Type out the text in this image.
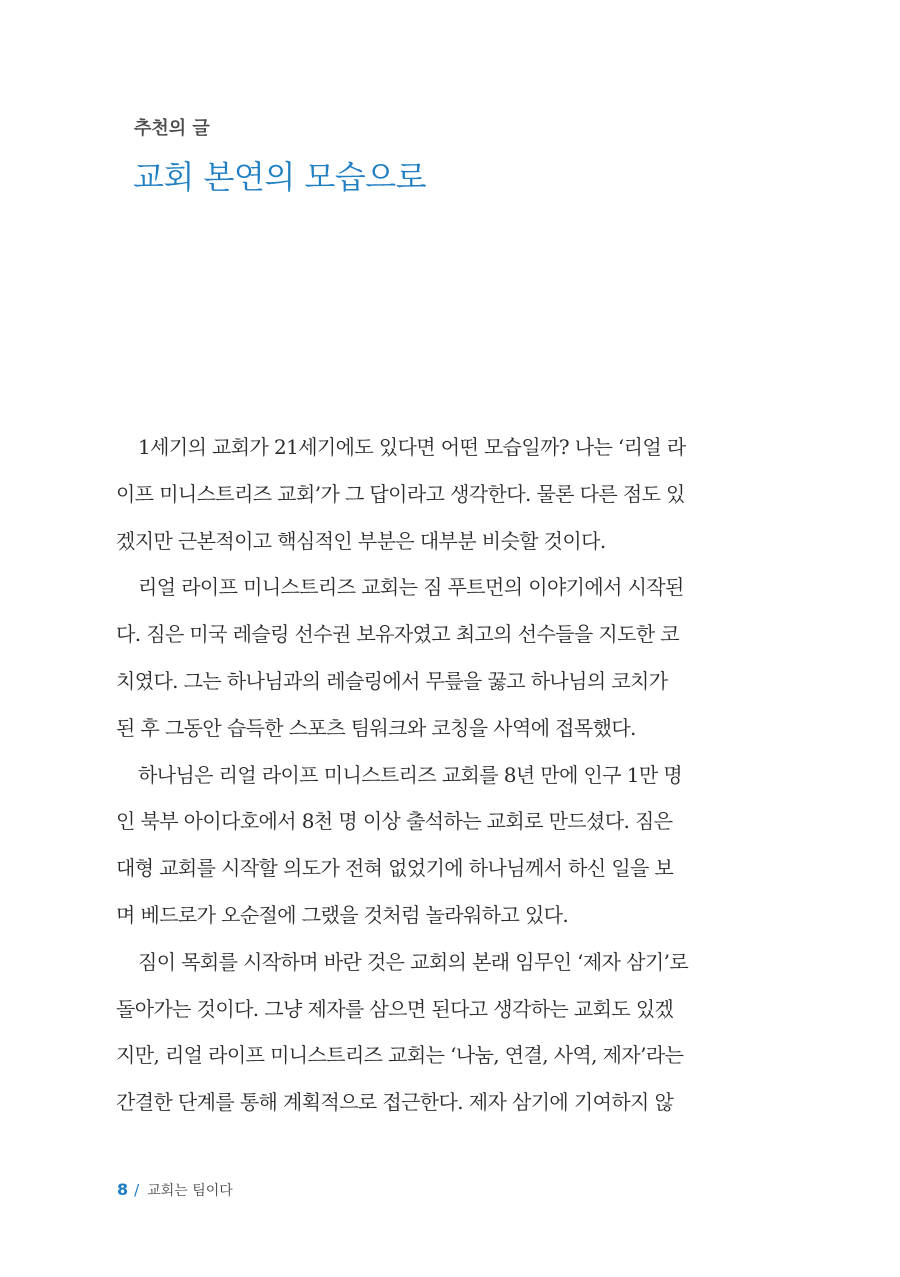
추천의 글
교회 본연의 모습으로
1세기의 교회가 21세기에도 있다면 어떤 모습일까? 나는 ‘리얼 라
이프 미니스트리즈 교회’가 그 답이라고 생각한다. 물론 다른 점도 있
겠지만 근본적이고 핵심적인 부분은 대부분 비슷할 것이다.
리얼 라이프 미니스트리즈 교회는 짐 푸트먼의 이야기에서 시작된
다. 짐은 미국 레슬링 선수권 보유자였고 최고의 선수들을 지도한 코
치였다. 그는 하나님과의 레슬링에서 무릎을 꿇고 하나님의 코치가
된 후 그동안 습득한 스포츠 팀워크와 코칭을 사역에 접목했다.
하나님은 리얼 라이프 미니스트리즈 교회를 8년 만에 인구 1만 명
인 북부 아이다호에서 8천 명 이상 출석하는 교회로 만드셨다. 짐은
대형 교회를 시작할 의도가 전혀 없었기에 하나님께서 하신 일을 보
며 베드로가 오순절에 그랬을 것처럼 놀라워하고 있다.
짐이 목회를 시작하며 바란 것은 교회의 본래 임무인 ‘제자 삼기’로
돌아가는 것이다. 그냥 제자를 삼으면 된다고 생각하는 교회도 있겠
지만, 리얼 라이프 미니스트리즈 교회는 ‘나눔, 연결, 사역, 제자’라는
간결한 단계를 통해 계획적으로 접근한다. 제자 삼기에 기여하지 않
8 / 교회는 팀이다
